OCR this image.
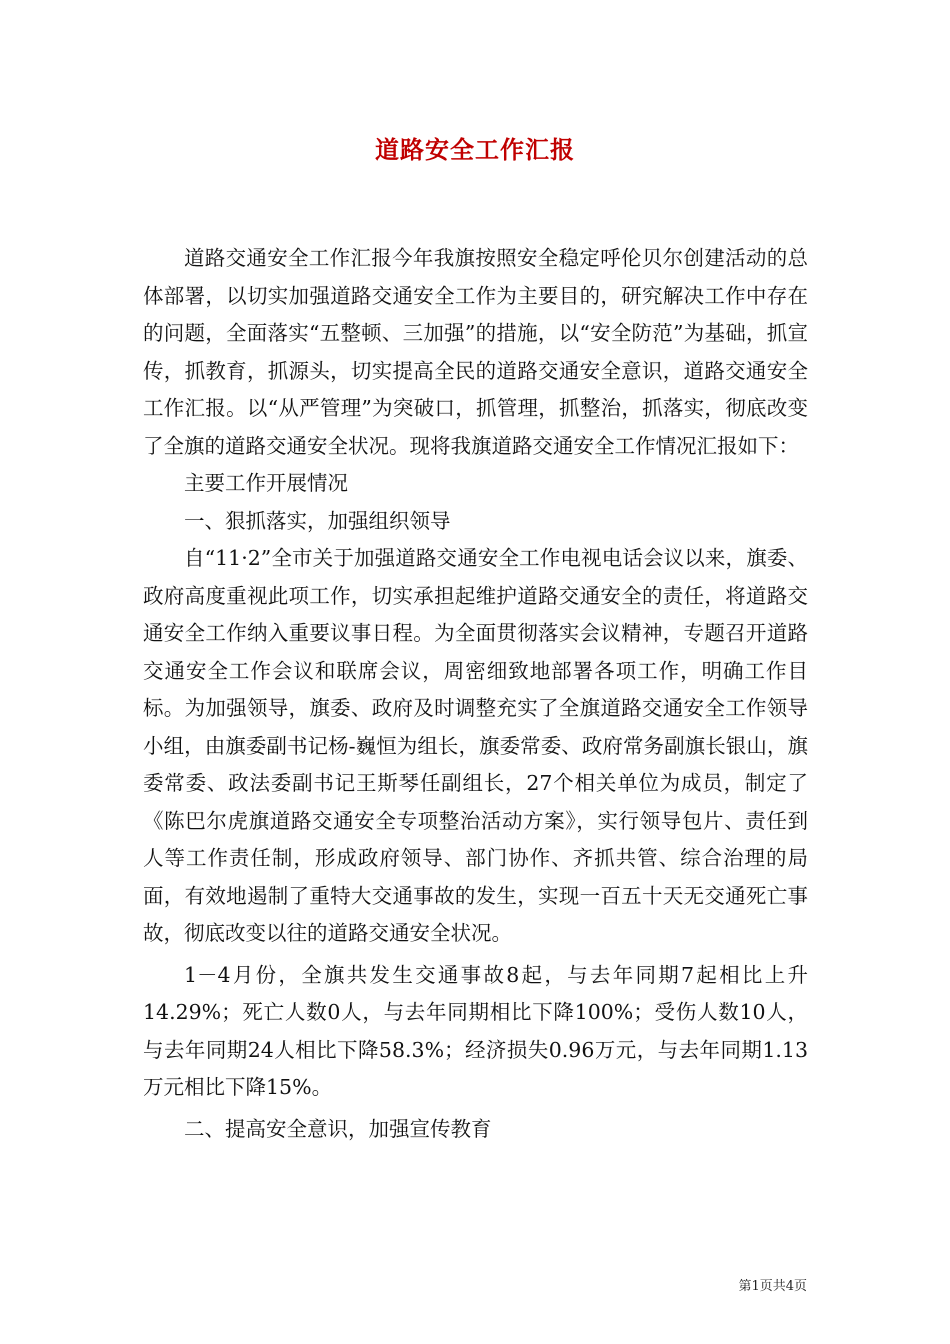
道路安全工作汇报

道路交通安全工作汇报今年我旗按照安全稳定呼伦贝尔创建活动的总体部署，以切实加强道路交通安全工作为主要目的，研究解决工作中存在的问题，全面落实“五整顿、三加强”的措施，以“安全防范”为基础，抓宣传，抓教育，抓源头，切实提高全民的道路交通安全意识，道路交通安全工作汇报。以“从严管理”为突破口，抓管理，抓整治，抓落实，彻底改变了全旗的道路交通安全状况。现将我旗道路交通安全工作情况汇报如下：

主要工作开展情况

一、狠抓落实，加强组织领导

自“11·2”全市关于加强道路交通安全工作电视电话会议以来，旗委、政府高度重视此项工作，切实承担起维护道路交通安全的责任，将道路交通安全工作纳入重要议事日程。为全面贯彻落实会议精神，专题召开道路交通安全工作会议和联席会议，周密细致地部署各项工作，明确工作目标。为加强领导，旗委、政府及时调整充实了全旗道路交通安全工作领导小组，由旗委副书记杨-巍恒为组长，旗委常委、政府常务副旗长银山，旗委常委、政法委副书记王斯琴任副组长，27个相关单位为成员，制定了《陈巴尔虎旗道路交通安全专项整治活动方案》，实行领导包片、责任到人等工作责任制，形成政府领导、部门协作、齐抓共管、综合治理的局面，有效地遏制了重特大交通事故的发生，实现一百五十天无交通死亡事故，彻底改变以往的道路交通安全状况。

1－4月份，全旗共发生交通事故8起，与去年同期7起相比上升14.29%；死亡人数0人，与去年同期相比下降100%；受伤人数10人，与去年同期24人相比下降58.3%；经济损失0.96万元，与去年同期1.13万元相比下降15%。

二、提高安全意识，加强宣传教育

第1页共4页
